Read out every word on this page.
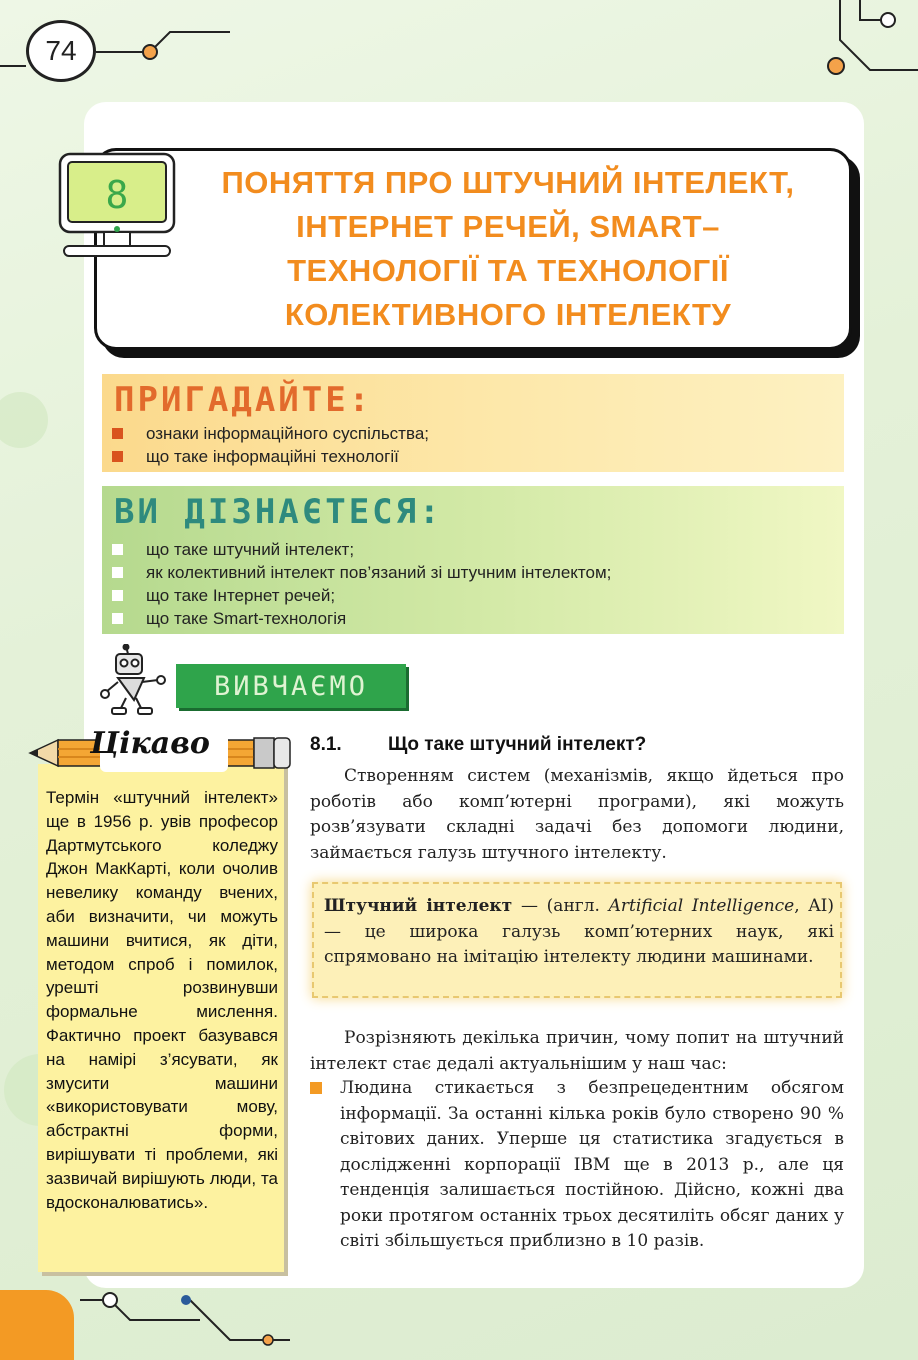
74
ПОНЯТТЯ ПРО ШТУЧНИЙ ІНТЕЛЕКТ, ІНТЕРНЕТ РЕЧЕЙ, SMART–ТЕХНОЛОГІЇ ТА ТЕХНОЛОГІЇ КОЛЕКТИВНОГО ІНТЕЛЕКТУ
8
ПРИГАДАЙТЕ:
ознаки інформаційного суспільства;
що таке інформаційні технології
ВИ ДІЗНАЄТЕСЯ:
що таке штучний інтелект;
як колективний інтелект пов’язаний зі штучним інтелектом;
що таке Інтернет речей;
що таке Smart-технологія
ВИВЧАЄМО
Термін «штучний інтелект» ще в 1956 р. увів професор Дартмутського коледжу Джон МакКарті, коли очолив невелику команду вчених, аби визначити, чи можуть машини вчитися, як діти, методом спроб і помилок, урешті розвинувши формальне мислення. Фактично проект базувався на намірі з’ясувати, як змусити машини «використовувати мову, абстрактні форми, вирішувати ті проблеми, які зазвичай вирішують люди, та вдосконалюватись».
Цікаво	8.1. Що таке штучний інтелект?
Створенням систем (механізмів, якщо йдеться про роботів або комп’ютерні програми), які можуть розв’язувати складні задачі без допомоги людини, займається галузь штучного інтелекту.
Штучний інтелект — (англ. Artificial Intelligence, AI) — це широка галузь комп’ютерних наук, які спрямовано на імітацію інтелекту людини машинами.
Розрізняють декілька причин, чому попит на штучний інтелект стає дедалі актуальнішим у наш час:
Людина стикається з безпрецедентним обсягом інформації. За останні кілька років було створено 90 % світових даних. Уперше ця статистика згадується в дослідженні корпорації IBM ще в 2013 р., але ця тенденція залишається постійною. Дійсно, кожні два роки протягом останніх трьох десятиліть обсяг даних у світі збільшується приблизно в 10 разів.
